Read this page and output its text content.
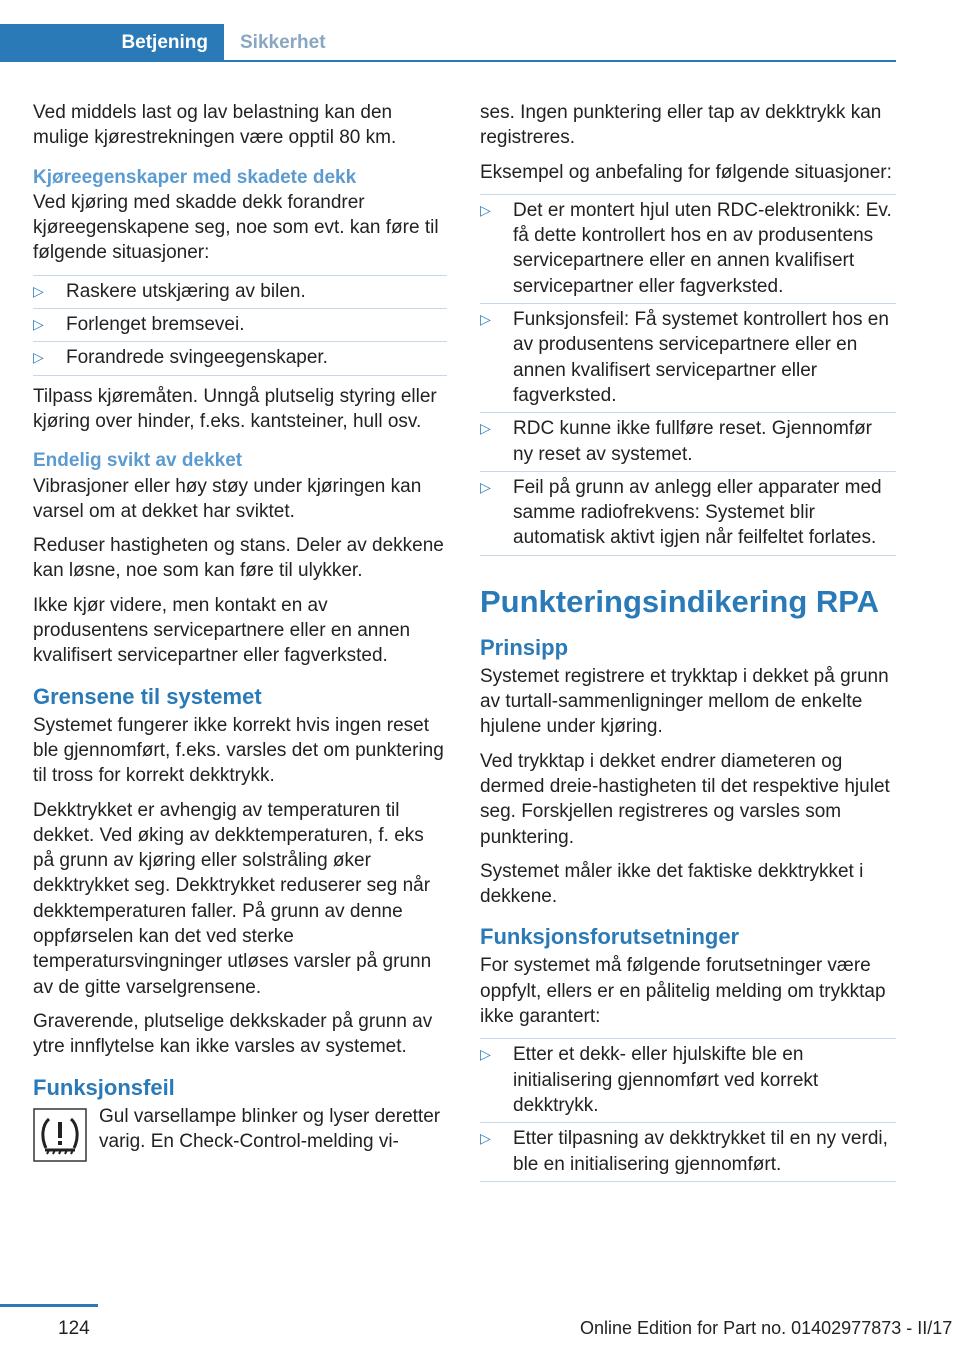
Betjening	Sikkerhet

Ved middels last og lav belastning kan den mulige kjørestrekningen være opptil 80 km.

Kjøreegenskaper med skadete dekk

Ved kjøring med skadde dekk forandrer kjøreegenskapene seg, noe som evt. kan føre til følgende situasjoner:

▷ Raskere utskjæring av bilen.
▷ Forlenget bremsevei.
▷ Forandrede svingeegenskaper.

Tilpass kjøremåten. Unngå plutselig styring eller kjøring over hinder, f.eks. kantsteiner, hull osv.

Endelig svikt av dekket

Vibrasjoner eller høy støy under kjøringen kan varsel om at dekket har sviktet.

Reduser hastigheten og stans. Deler av dekkene kan løsne, noe som kan føre til ulykker.

Ikke kjør videre, men kontakt en av produsentens servicepartnere eller en annen kvalifisert servicepartner eller fagverksted.

Grensene til systemet

Systemet fungerer ikke korrekt hvis ingen reset ble gjennomført, f.eks. varsles det om punktering til tross for korrekt dekktrykk.

Dekktrykket er avhengig av temperaturen til dekket. Ved øking av dekktemperaturen, f. eks på grunn av kjøring eller solstråling øker dekktrykket seg. Dekktrykket reduserer seg når dekktemperaturen faller. På grunn av denne oppførselen kan det ved sterke temperatursvingninger utløses varsler på grunn av de gitte varselgrensene.

Graverende, plutselige dekkskader på grunn av ytre innflytelse kan ikke varsles av systemet.

Funksjonsfeil

Gul varsellampe blinker og lyser deretter varig. En Check-Control-melding vi-

ses. Ingen punktering eller tap av dekktrykk kan registreres.

Eksempel og anbefaling for følgende situasjoner:

▷ Det er montert hjul uten RDC-elektronikk: Ev. få dette kontrollert hos en av produsentens servicepartnere eller en annen kvalifisert servicepartner eller fagverksted.
▷ Funksjonsfeil: Få systemet kontrollert hos en av produsentens servicepartnere eller en annen kvalifisert servicepartner eller fagverksted.
▷ RDC kunne ikke fullføre reset. Gjennomfør ny reset av systemet.
▷ Feil på grunn av anlegg eller apparater med samme radiofrekvens: Systemet blir automatisk aktivt igjen når feilfeltet forlates.
Punkteringsindikering RPA
Prinsipp

Systemet registrere et trykktap i dekket på grunn av turtall-sammenligninger mellom de enkelte hjulene under kjøring.

Ved trykktap i dekket endrer diameteren og dermed dreie-hastigheten til det respektive hjulet seg. Forskjellen registreres og varsles som punktering.

Systemet måler ikke det faktiske dekktrykket i dekkene.

Funksjonsforutsetninger

For systemet må følgende forutsetninger være oppfylt, ellers er en pålitelig melding om trykktap ikke garantert:

▷ Etter et dekk- eller hjulskifte ble en initialisering gjennomført ved korrekt dekktrykk.
▷ Etter tilpasning av dekktrykket til en ny verdi, ble en initialisering gjennomført.
124	Online Edition for Part no. 01402977873 - II/17
